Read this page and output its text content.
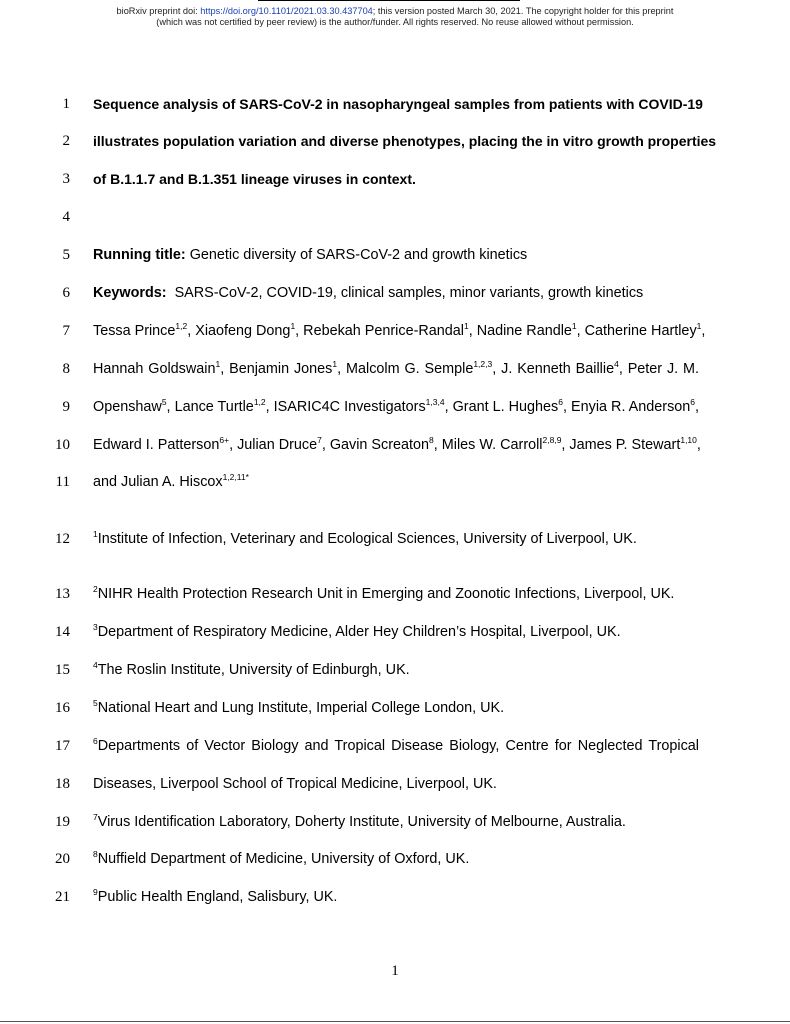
bioRxiv preprint doi: https://doi.org/10.1101/2021.03.30.437704; this version posted March 30, 2021. The copyright holder for this preprint
(which was not certified by peer review) is the author/funder. All rights reserved. No reuse allowed without permission.
1 Sequence analysis of SARS-CoV-2 in nasopharyngeal samples from patients with COVID-19
2 illustrates population variation and diverse phenotypes, placing the in vitro growth properties
3 of B.1.1.7 and B.1.351 lineage viruses in context.
4
5 Running title: Genetic diversity of SARS-CoV-2 and growth kinetics
6 Keywords:  SARS-CoV-2, COVID-19, clinical samples, minor variants, growth kinetics
7 Tessa Prince$^{1,2}$, Xiaofeng Dong$^1$, Rebekah Penrice-Randal$^1$, Nadine Randle$^1$, Catherine Hartley$^1$,
8 Hannah Goldswain$^1$, Benjamin Jones$^1$, Malcolm G. Semple$^{1,2,3}$, J. Kenneth Baillie$^4$, Peter J. M.
9 Openshaw$^5$, Lance Turtle$^{1,2}$, ISARIC4C Investigators$^{1,3,4}$, Grant L. Hughes$^6$, Enyia R. Anderson$^6$,
10 Edward I. Patterson$^{6+}$, Julian Druce$^7$, Gavin Screaton$^8$, Miles W. Carroll$^{2,8,9}$, James P. Stewart$^{1,10}$,
11 and Julian A. Hiscox$^{1,2,11*}$
12	$^1$Institute of Infection, Veterinary and Ecological Sciences, University of Liverpool, UK.
13	$^2$NIHR Health Protection Research Unit in Emerging and Zoonotic Infections, Liverpool, UK.
14	$^3$Department of Respiratory Medicine, Alder Hey Children’s Hospital, Liverpool, UK.
15	$^4$The Roslin Institute, University of Edinburgh, UK.
16	$^5$National Heart and Lung Institute, Imperial College London, UK.
17	$^6$Departments of Vector Biology and Tropical Disease Biology, Centre for Neglected Tropical
18 Diseases, Liverpool School of Tropical Medicine, Liverpool, UK.
19	$^7$Virus Identification Laboratory, Doherty Institute, University of Melbourne, Australia.
20	$^8$Nuffield Department of Medicine, University of Oxford, UK.
21	$^9$Public Health England, Salisbury, UK.
1
